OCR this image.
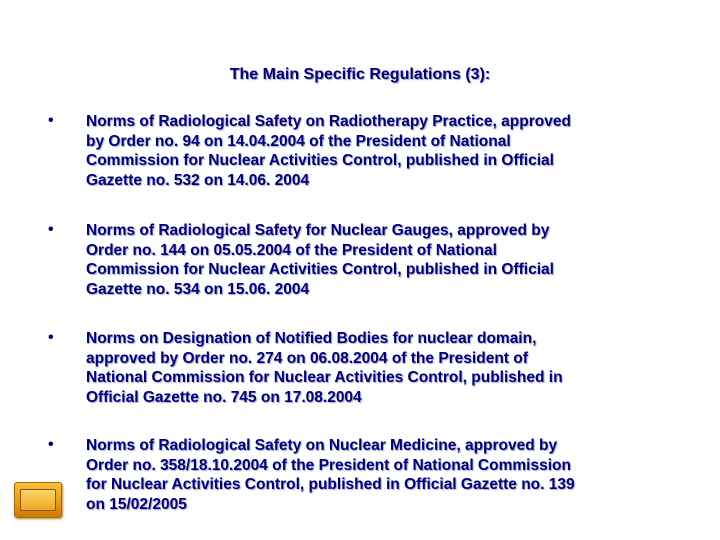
The Main Specific Regulations (3):
• Norms of Radiological Safety on Radiotherapy Practice, approved
by Order no. 94 on 14.04.2004 of the President of National
Commission for Nuclear Activities Control, published in Official
Gazette no. 532 on 14.06. 2004
• Norms of Radiological Safety for Nuclear Gauges, approved by
Order no. 144 on 05.05.2004 of the President of National
Commission for Nuclear Activities Control, published in Official
Gazette no. 534 on 15.06. 2004
• Norms on Designation of Notified Bodies for nuclear domain,
approved by Order no. 274 on 06.08.2004 of the President of
National Commission for Nuclear Activities Control, published in
Official Gazette no. 745 on 17.08.2004
• Norms of Radiological Safety on Nuclear Medicine, approved by
Order no. 358/18.10.2004 of the President of National Commission
for Nuclear Activities Control, published in Official Gazette no. 139
on 15/02/2005
